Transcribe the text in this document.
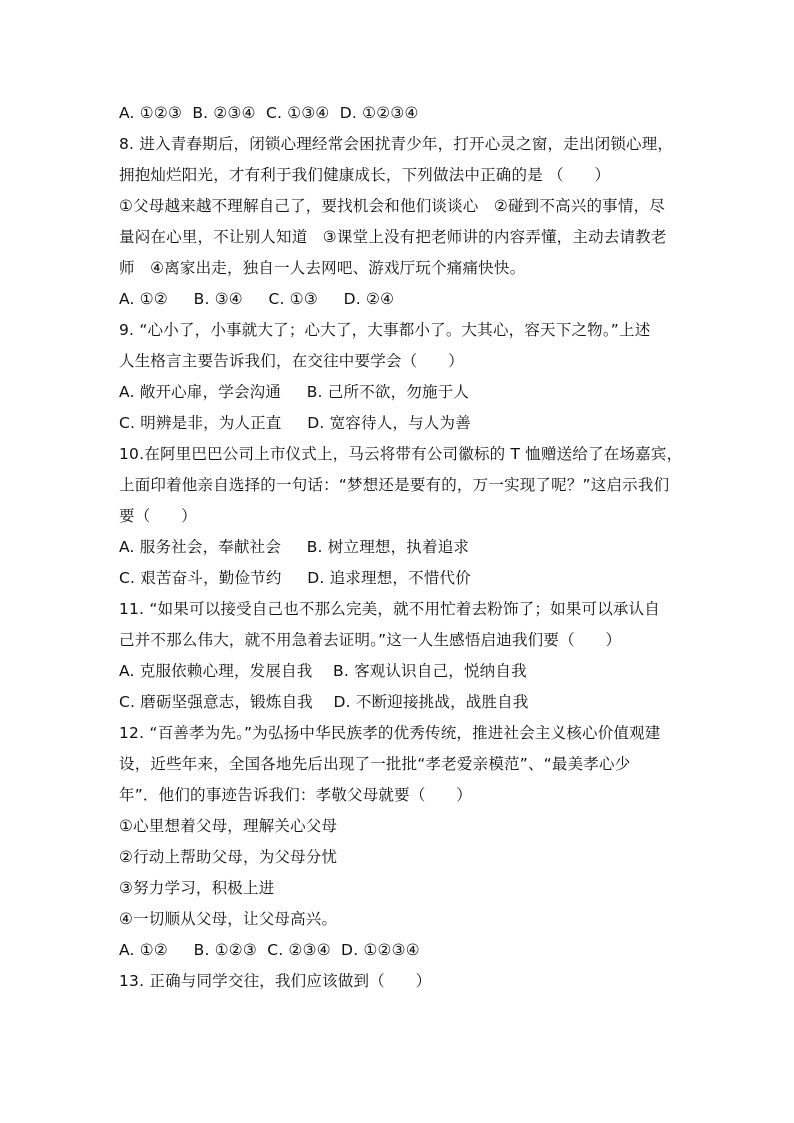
A. ①②③  B. ②③④  C. ①③④  D. ①②③④
8. 进入青春期后，闭锁心理经常会困扰青少年，打开心灵之窗，走出闭锁心理，
拥抱灿烂阳光，才有利于我们健康成长，下列做法中正确的是 （      ）
①父母越来越不理解自己了，要找机会和他们谈谈心   ②碰到不高兴的事情，尽
量闷在心里，不让别人知道   ③课堂上没有把老师讲的内容弄懂，主动去请教老
师   ④离家出走，独自一人去网吧、游戏厅玩个痛痛快快。
A. ①②     B. ③④     C. ①③     D. ②④
9. “心小了，小事就大了；心大了，大事都小了。大其心，容天下之物。”上述
人生格言主要告诉我们，在交往中要学会（      ）
A. 敞开心扉，学会沟通     B. 己所不欲，勿施于人
C. 明辨是非，为人正直     D. 宽容待人，与人为善
10.在阿里巴巴公司上市仪式上，马云将带有公司徽标的 T 恤赠送给了在场嘉宾，
上面印着他亲自选择的一句话：“梦想还是要有的，万一实现了呢？”这启示我们
要（      ）
A. 服务社会，奉献社会     B. 树立理想，执着追求
C. 艰苦奋斗，勤俭节约     D. 追求理想，不惜代价
11. “如果可以接受自己也不那么完美，就不用忙着去粉饰了；如果可以承认自
己并不那么伟大，就不用急着去证明。”这一人生感悟启迪我们要（      ）
A. 克服依赖心理，发展自我    B. 客观认识自己，悦纳自我
C. 磨砺坚强意志，锻炼自我    D. 不断迎接挑战，战胜自我
12. “百善孝为先。”为弘扬中华民族孝的优秀传统，推进社会主义核心价值观建
设，近些年来，全国各地先后出现了一批批“孝老爱亲模范”、“最美孝心少
年”．他们的事迹告诉我们：孝敬父母就要（      ）
①心里想着父母，理解关心父母
②行动上帮助父母，为父母分忧
③努力学习，积极上进
④一切顺从父母，让父母高兴。
A. ①②     B. ①②③  C. ②③④  D. ①②③④
13. 正确与同学交往，我们应该做到（      ）
